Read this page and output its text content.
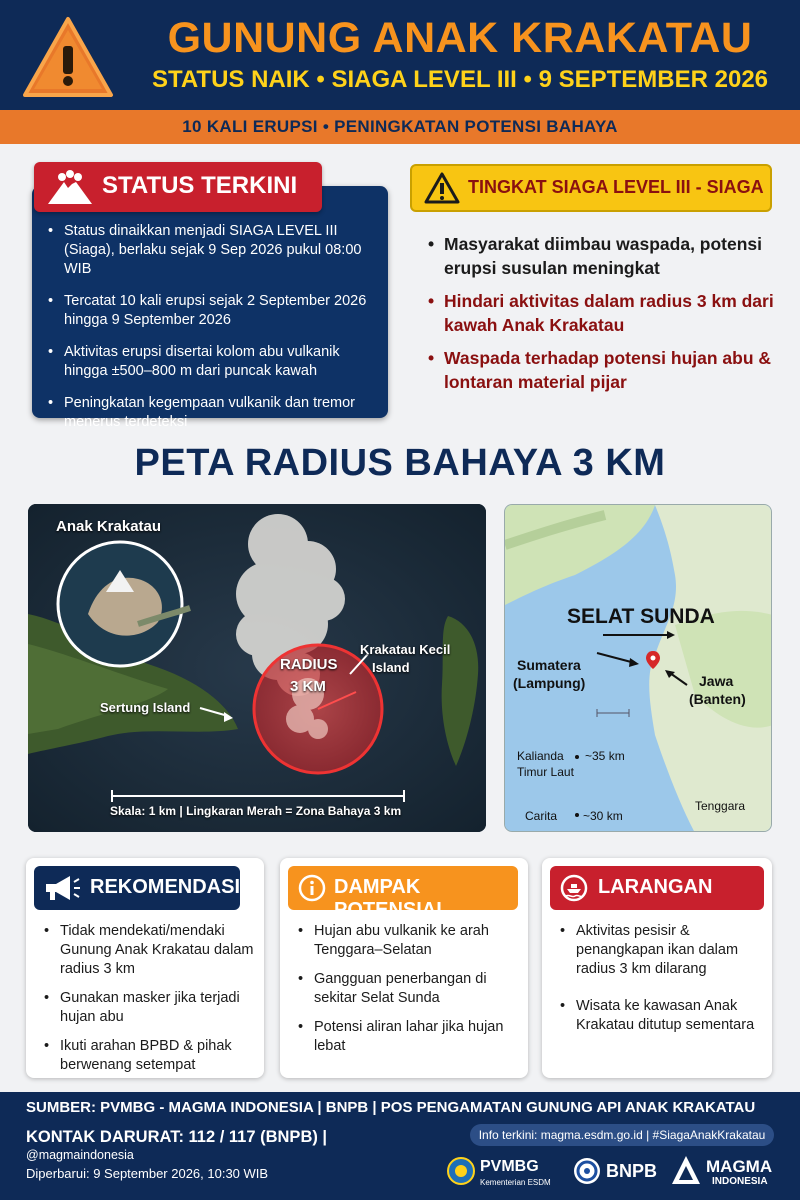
GUNUNG ANAK KRAKATAU
STATUS NAIK • SIAGA LEVEL III • 9 SEPTEMBER 2026
10 KALI ERUPSI • PENINGKATAN POTENSI BAHAYA
STATUS TERKINI
• Status dinaikkan menjadi SIAGA LEVEL III (Siaga), berlaku sejak 9 Sep 2026 pukul 08:00 WIB
• Tercatat 10 kali erupsi sejak 2 September 2026 hingga 9 September 2026
• Aktivitas erupsi disertai kolom abu vulkanik hingga ±500–800 m dari puncak kawah
• Peningkatan kegempaan vulkanik dan tremor menerus terdeteksi
TINGKAT SIAGA LEVEL III - SIAGA
• Masyarakat diimbau waspada, potensi erupsi susulan meningkat
• Hindari aktivitas dalam radius 3 km dari kawah Anak Krakatau
• Waspada terhadap potensi hujan abu & lontaran material pijar
PETA RADIUS BAHAYA 3 KM
Anak Krakatau
RADIUS
3 KM
Krakatau Kecil
Island
Sertung Island
Skala: 1 km | Lingkaran Merah = Zona Bahaya 3 km
SELAT SUNDA
Sumatera
(Lampung)	Jawa
(Banten)
Kalianda
Timur Laut
~35 km
Carita ~30 km
Tenggara
REKOMENDASI
• Tidak mendekati/mendaki Gunung Anak Krakatau dalam radius 3 km
• Gunakan masker jika terjadi hujan abu
• Ikuti arahan BPBD & pihak berwenang setempat
DAMPAK POTENSIAL
• Hujan abu vulkanik ke arah Tenggara–Selatan
• Gangguan penerbangan di sekitar Selat Sunda
• Potensi aliran lahar jika hujan lebat
LARANGAN
• Aktivitas pesisir & penangkapan ikan dalam radius 3 km dilarang
• Wisata ke kawasan Anak Krakatau ditutup sementara
SUMBER: PVMBG - MAGMA INDONESIA | BNPB | POS PENGAMATAN GUNUNG API ANAK KRAKATAU
KONTAK DARURAT: 112 / 117 (BNPB) |
@magmaindonesia
Diperbarui: 9 September 2026, 10:30 WIB
Info terkini: magma.esdm.go.id | #SiagaAnakKrakatau
PVMBG
Kementerian ESDM
BNPB	MAGMA
INDONESIA
